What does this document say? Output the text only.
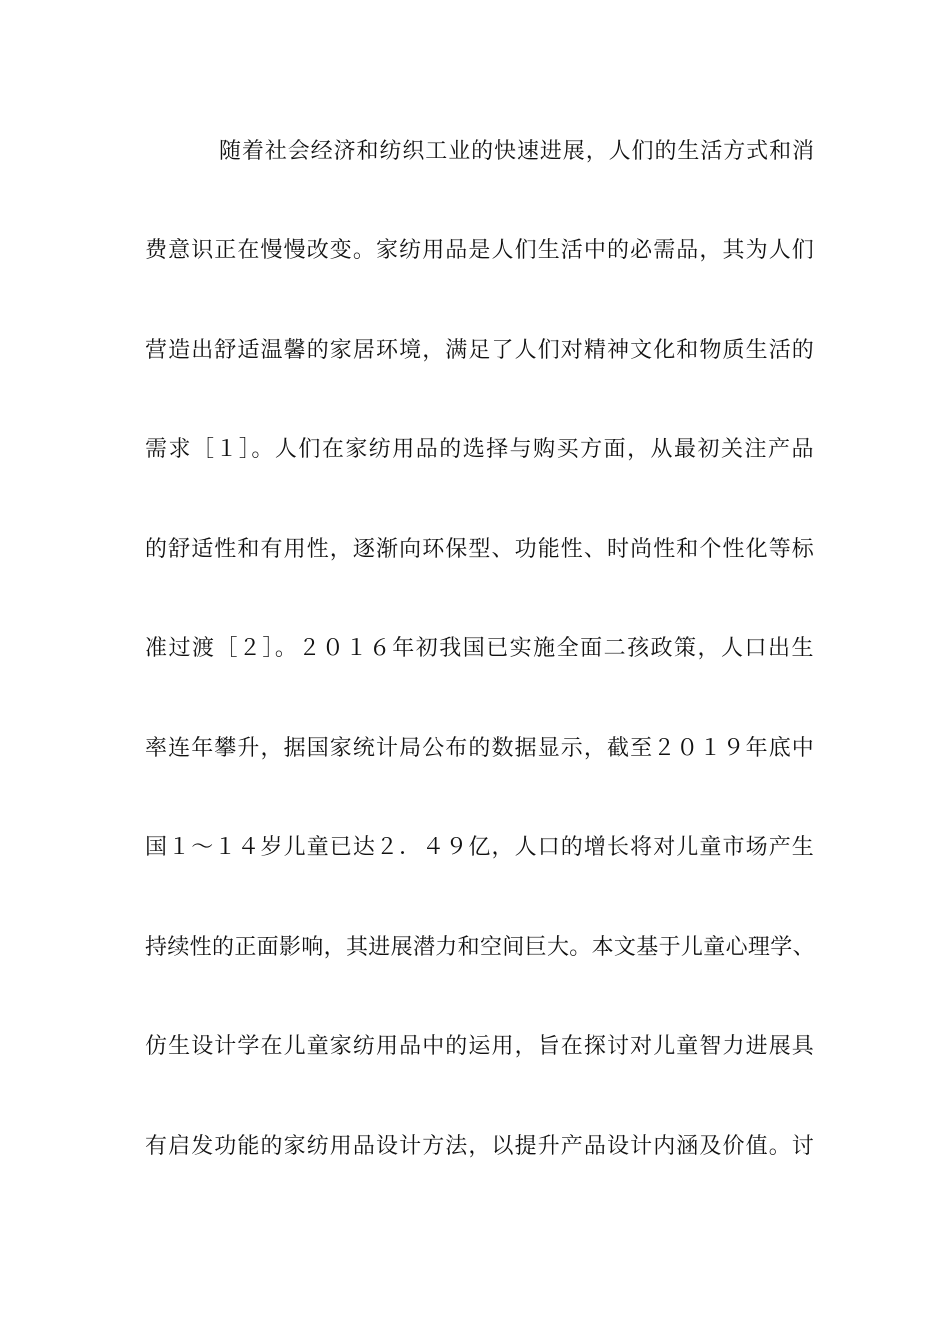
随着社会经济和纺织工业的快速进展，人们的生活方式和消
费意识正在慢慢改变。家纺用品是人们生活中的必需品，其为人们
营造出舒适温馨的家居环境，满足了人们对精神文化和物质生活的
需求［１］。人们在家纺用品的选择与购买方面，从最初关注产品
的舒适性和有用性，逐渐向环保型、功能性、时尚性和个性化等标
准过渡［２］。２０１６年初我国已实施全面二孩政策，人口出生
率连年攀升，据国家统计局公布的数据显示，截至２０１９年底中
国１～１４岁儿童已达２．４９亿，人口的增长将对儿童市场产生
持续性的正面影响，其进展潜力和空间巨大。本文基于儿童心理学、
仿生设计学在儿童家纺用品中的运用，旨在探讨对儿童智力进展具
有启发功能的家纺用品设计方法，以提升产品设计内涵及价值。讨
